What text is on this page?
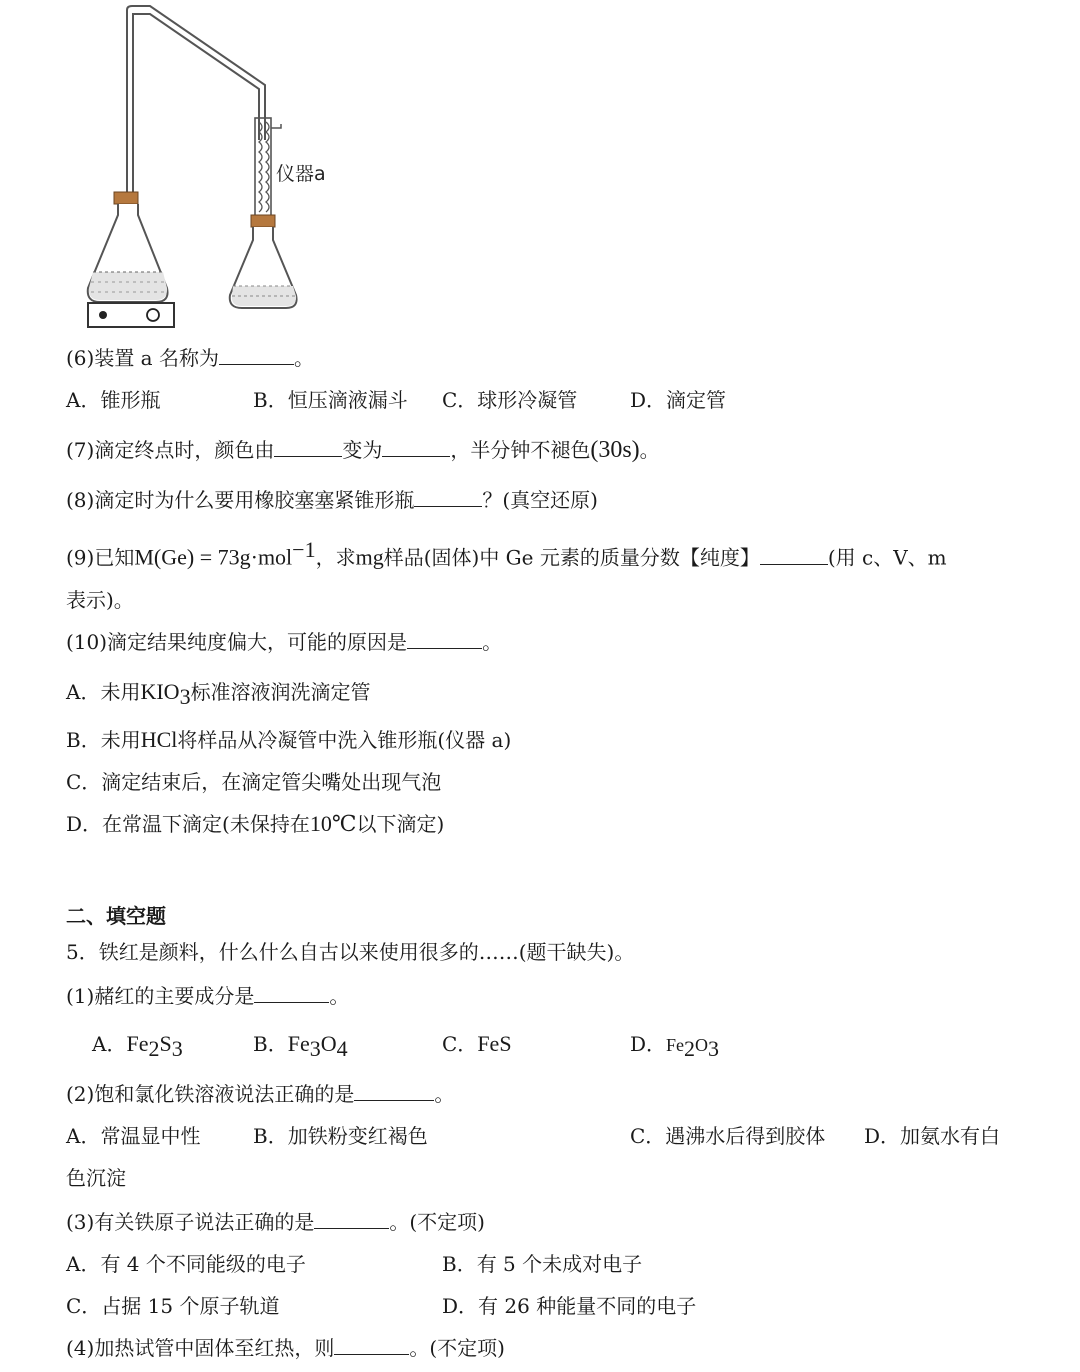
仪器a
(6)装置 a 名称为	。
A．锥形瓶	B．恒压滴液漏斗 C．球形冷凝管	D．滴定管
(7)滴定终点时，颜色由	变为	，半分钟不褪色(30s)。
(8)滴定时为什么要用橡胶塞塞紧锥形瓶	？(真空还原)
(9)已知M(Ge) = 73g·mol$^{-1}$，求mg样品(固体)中 Ge 元素的质量分数【纯度】	(用 c、V、m
表示)。
(10)滴定结果纯度偏大，可能的原因是	。
A．未用$KIO_3$标准溶液润洗滴定管
B．未用HCl将样品从冷凝管中洗入锥形瓶(仪器 a)
C．滴定结束后，在滴定管尖嘴处出现气泡
D．在常温下滴定(未保持在10℃以下滴定)
二、填空题
5．铁红是颜料，什么什么自古以来使用很多的……(题干缺失)。
(1)赭红的主要成分是	。
A．$Fe_2S_3$	B．$Fe_3O_4$	C．FeS	D．$Fe_2O_3$
(2)饱和氯化铁溶液说法正确的是	。
A．常温显中性	B．加铁粉变红褐色	C．遇沸水后得到胶体 D．加氨水有白
色沉淀
(3)有关铁原子说法正确的是	。(不定项)
A．有 4 个不同能级的电子	B．有 5 个未成对电子
C．占据 15 个原子轨道	D．有 26 种能量不同的电子
(4)加热试管中固体至红热，则	。(不定项)
